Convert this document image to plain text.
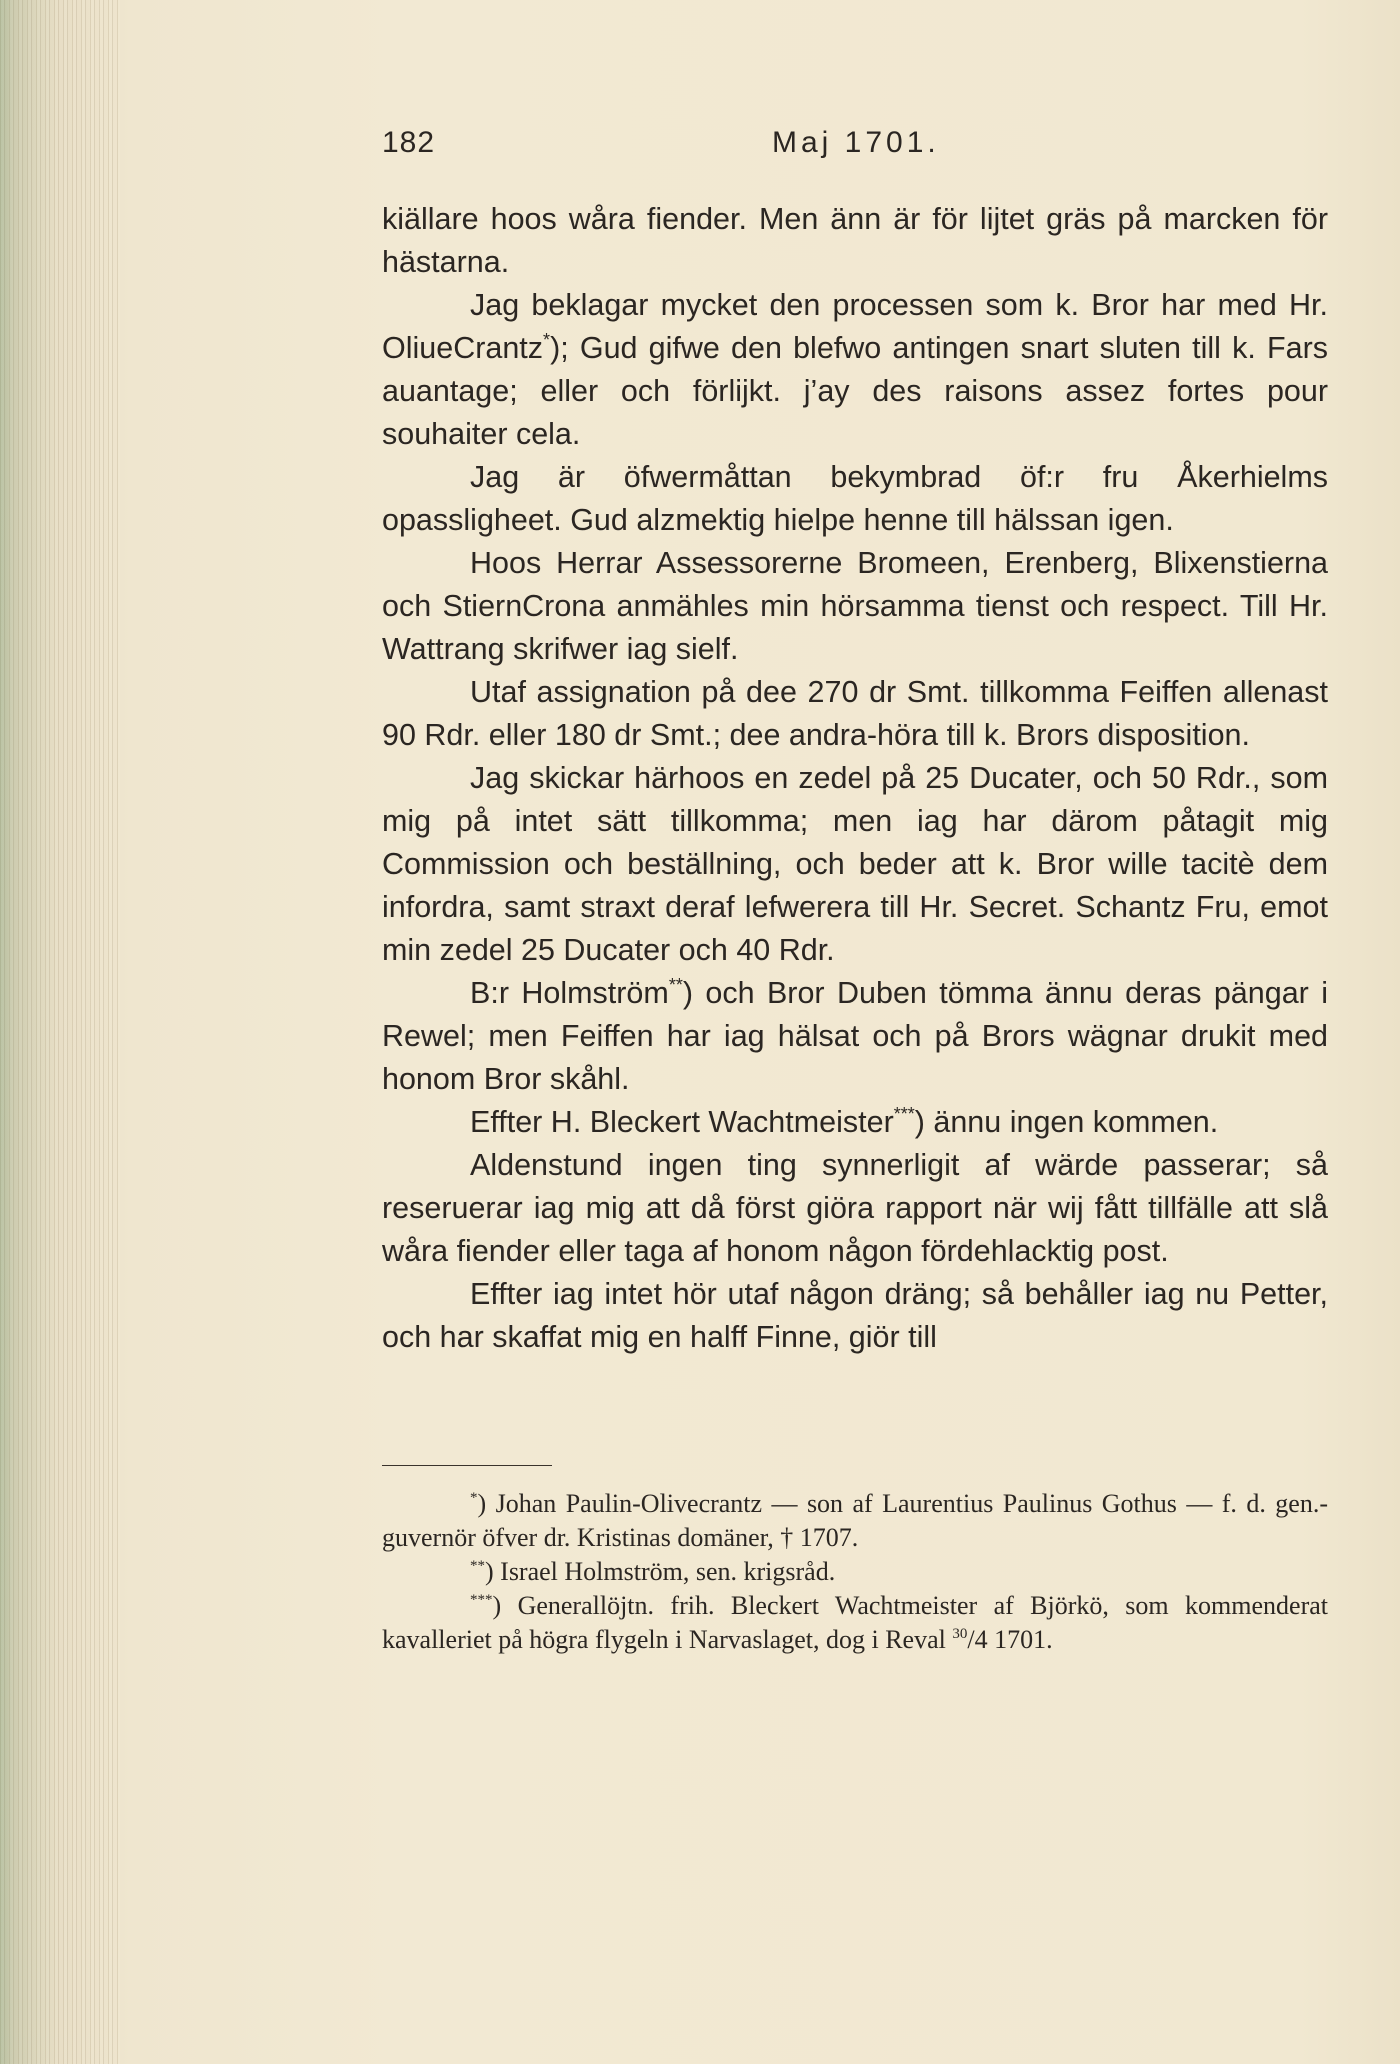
182	Maj 1701.

kiällare hoos wåra fiender. Men änn är för lijtet gräs på marcken för hästarna.

Jag beklagar mycket den processen som k. Bror har med Hr. OliueCrantz*); Gud gifwe den blefwo antingen snart sluten till k. Fars auantage; eller och förlijkt. j’ay des raisons assez fortes pour souhaiter cela.

Jag är öfwermåttan bekymbrad öf:r fru Åkerhielms opassligheet. Gud alzmektig hielpe henne till hälssan igen.

Hoos Herrar Assessorerne Bromeen, Erenberg, Blixenstierna och StiernCrona anmähles min hörsamma tienst och respect. Till Hr. Wattrang skrifwer iag sielf.

Utaf assignation på dee 270 dr Smt. tillkomma Feiffen allenast 90 Rdr. eller 180 dr Smt.; dee andra-höra till k. Brors disposition.

Jag skickar härhoos en zedel på 25 Ducater, och 50 Rdr., som mig på intet sätt tillkomma; men iag har därom påtagit mig Commission och beställning, och beder att k. Bror wille tacitè dem infordra, samt straxt deraf lefwerera till Hr. Secret. Schantz Fru, emot min zedel 25 Ducater och 40 Rdr.

B:r Holmström**) och Bror Duben tömma ännu deras pängar i Rewel; men Feiffen har iag hälsat och på Brors wägnar drukit med honom Bror skåhl.

Effter H. Bleckert Wachtmeister***) ännu ingen kommen.

Aldenstund ingen ting synnerligit af wärde passerar; så reseruerar iag mig att då först giöra rapport när wij fått tillfälle att slå wåra fiender eller taga af honom någon fördehlacktig post.

Effter iag intet hör utaf någon dräng; så behåller iag nu Petter, och har skaffat mig en halff Finne, giör till

*) Johan Paulin-Olivecrantz — son af Laurentius Paulinus Gothus — f. d. gen.-guvernör öfver dr. Kristinas domäner, † 1707.

**) Israel Holmström, sen. krigsråd.

***) Generallöjtn. frih. Bleckert Wachtmeister af Björkö, som kommenderat kavalleriet på högra flygeln i Narvaslaget, dog i Reval $^{30}$/4 1701.
